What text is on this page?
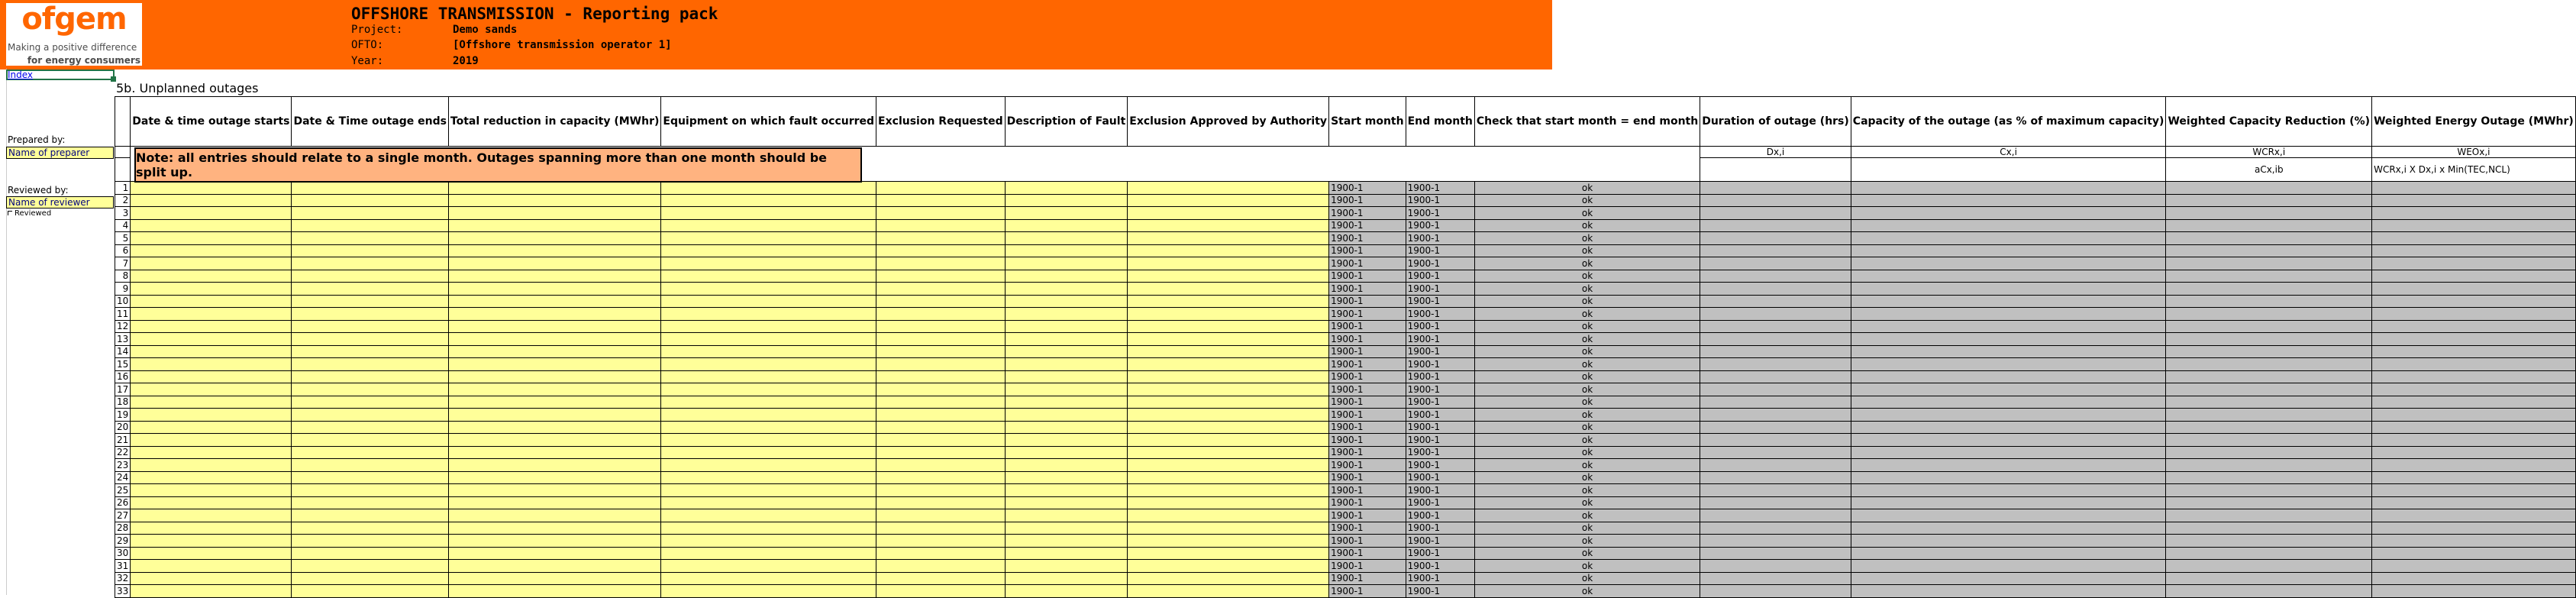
ofgem
Making a positive difference
for energy consumers
OFFSHORE TRANSMISSION - Reporting pack
Project:	Demo sands
OFTO:	[Offshore transmission operator 1]
Year:	2019
Index
5b. Unplanned outages
Prepared by:
Name of preparer
Reviewed by:
Name of reviewer
Reviewed
	Date & time outage starts	Date & Time outage ends	Total reduction in capacity (MWhr)	Equipment on which fault occurred	Exclusion Requested	Description of Fault	Exclusion Approved by Authority	Start month	End month	Check that start month = end month	Duration of outage (hrs)	Capacity of the outage (as % of maximum capacity)	Weighted Capacity Reduction (%)	Weighted Energy Outage (MWhr)
											Dx,i	Cx,i	WCRx,i	WEOx,i
													aCx,ib	WCRx,i X Dx,i x Min(TEC,NCL)
1								1900-1	1900-1	ok				
2								1900-1	1900-1	ok				
3								1900-1	1900-1	ok				
4								1900-1	1900-1	ok				
5								1900-1	1900-1	ok				
6								1900-1	1900-1	ok				
7								1900-1	1900-1	ok				
8								1900-1	1900-1	ok				
9								1900-1	1900-1	ok				
10								1900-1	1900-1	ok				
11								1900-1	1900-1	ok				
12								1900-1	1900-1	ok				
13								1900-1	1900-1	ok				
14								1900-1	1900-1	ok				
15								1900-1	1900-1	ok				
16								1900-1	1900-1	ok				
17								1900-1	1900-1	ok				
18								1900-1	1900-1	ok				
19								1900-1	1900-1	ok				
20								1900-1	1900-1	ok				
21								1900-1	1900-1	ok				
22								1900-1	1900-1	ok				
23								1900-1	1900-1	ok				
24								1900-1	1900-1	ok				
25								1900-1	1900-1	ok				
26								1900-1	1900-1	ok				
27								1900-1	1900-1	ok				
28								1900-1	1900-1	ok				
29								1900-1	1900-1	ok				
30								1900-1	1900-1	ok				
31								1900-1	1900-1	ok				
32								1900-1	1900-1	ok				
33								1900-1	1900-1	ok				
Note: all entries should relate to a single month. Outages spanning more than one month should be split up.
